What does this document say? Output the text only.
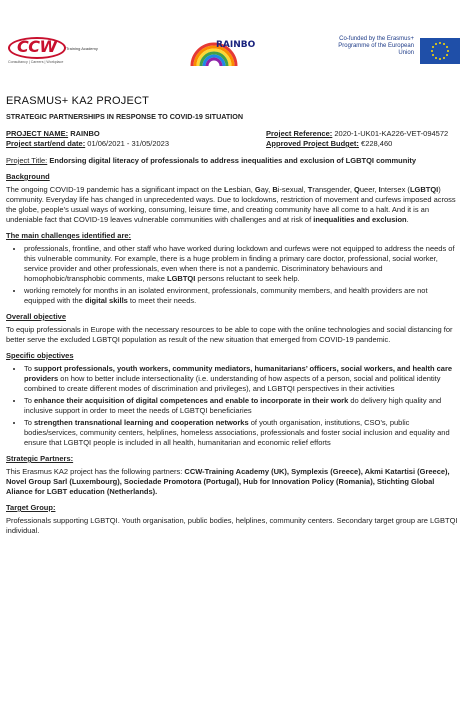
CCW Training Academy
Consultancy | Careers | Workplace
RAINBO
Co-funded by the Erasmus+ Programme of the European Union
ERASMUS+ KA2 PROJECT
STRATEGIC PARTNERSHIPS IN RESPONSE TO COVID-19 SITUATION
PROJECT NAME: RAINBO	Project Reference: 2020-1-UK01-KA226-VET-094572
Project start/end date: 01/06/2021 - 31/05/2023	Approved Project Budget: €228,460

Project Title: Endorsing digital literacy of professionals to address inequalities and exclusion of LGBTQI community

Background

The ongoing COVID-19 pandemic has a significant impact on the Lesbian, Gay, Bi-sexual, Transgender, Queer, Intersex (LGBTQI) community. Everyday life has changed in unprecedented ways. Due to lockdowns, restriction of movement and curfews imposed across the globe, people’s usual ways of working, consuming, leisure time, and creating community have all come to a halt. And it is an undeniable fact that COVID-19 leaves vulnerable communities with challenges and at risk of inequalities and exclusion.

The main challenges identified are:
• professionals, frontline, and other staff who have worked during lockdown and curfews were not equipped to address the needs of this vulnerable community. For example, there is a huge problem in finding a primary care doctor, professional, social worker, service provider and other professionals, even when there is not a pandemic. Discriminatory behaviours and homophobic/transphobic comments, make LGBTQI persons reluctant to seek help.
• working remotely for months in an isolated environment, professionals, community members, and health providers are not equipped with the digital skills to meet their needs.
Overall objective

To equip professionals in Europe with the necessary resources to be able to cope with the online technologies and social distancing for better serve the excluded LGBTQI population as result of the new situation that emerged from COVID-19 pandemic.

Specific objectives
• To support professionals, youth workers, community mediators, humanitarians’ officers, social workers, and health care providers on how to better include intersectionality (i.e. understanding of how aspects of a person, social and political identity combined to create different modes of discrimination and privileges), and LGBTQI perspectives in their activities
• To enhance their acquisition of digital competences and enable to incorporate in their work do delivery high quality and inclusive support in order to meet the needs of LGBTQI beneficiaries
• To strengthen transnational learning and cooperation networks of youth organisation, institutions, CSO’s, public bodies/services, community centers, helplines, homeless associations, professionals and foster social inclusion and equality and ensure that LGBTQI people is included in all health, humanitarian and economic relief efforts
Strategic Partners:

This Erasmus KA2 project has the following partners: CCW-Training Academy (UK), Symplexis (Greece), Akmi Katartisi (Greece), Novel Group Sarl (Luxembourg), Sociedade Promotora (Portugal), Hub for Innovation Policy (Romania), Stichting Global Aliance for LGBT education (Netherlands).

Target Group:

Professionals supporting LGBTQI. Youth organisation, public bodies, helplines, community centers. Secondary target group are LGBTQI individual.
